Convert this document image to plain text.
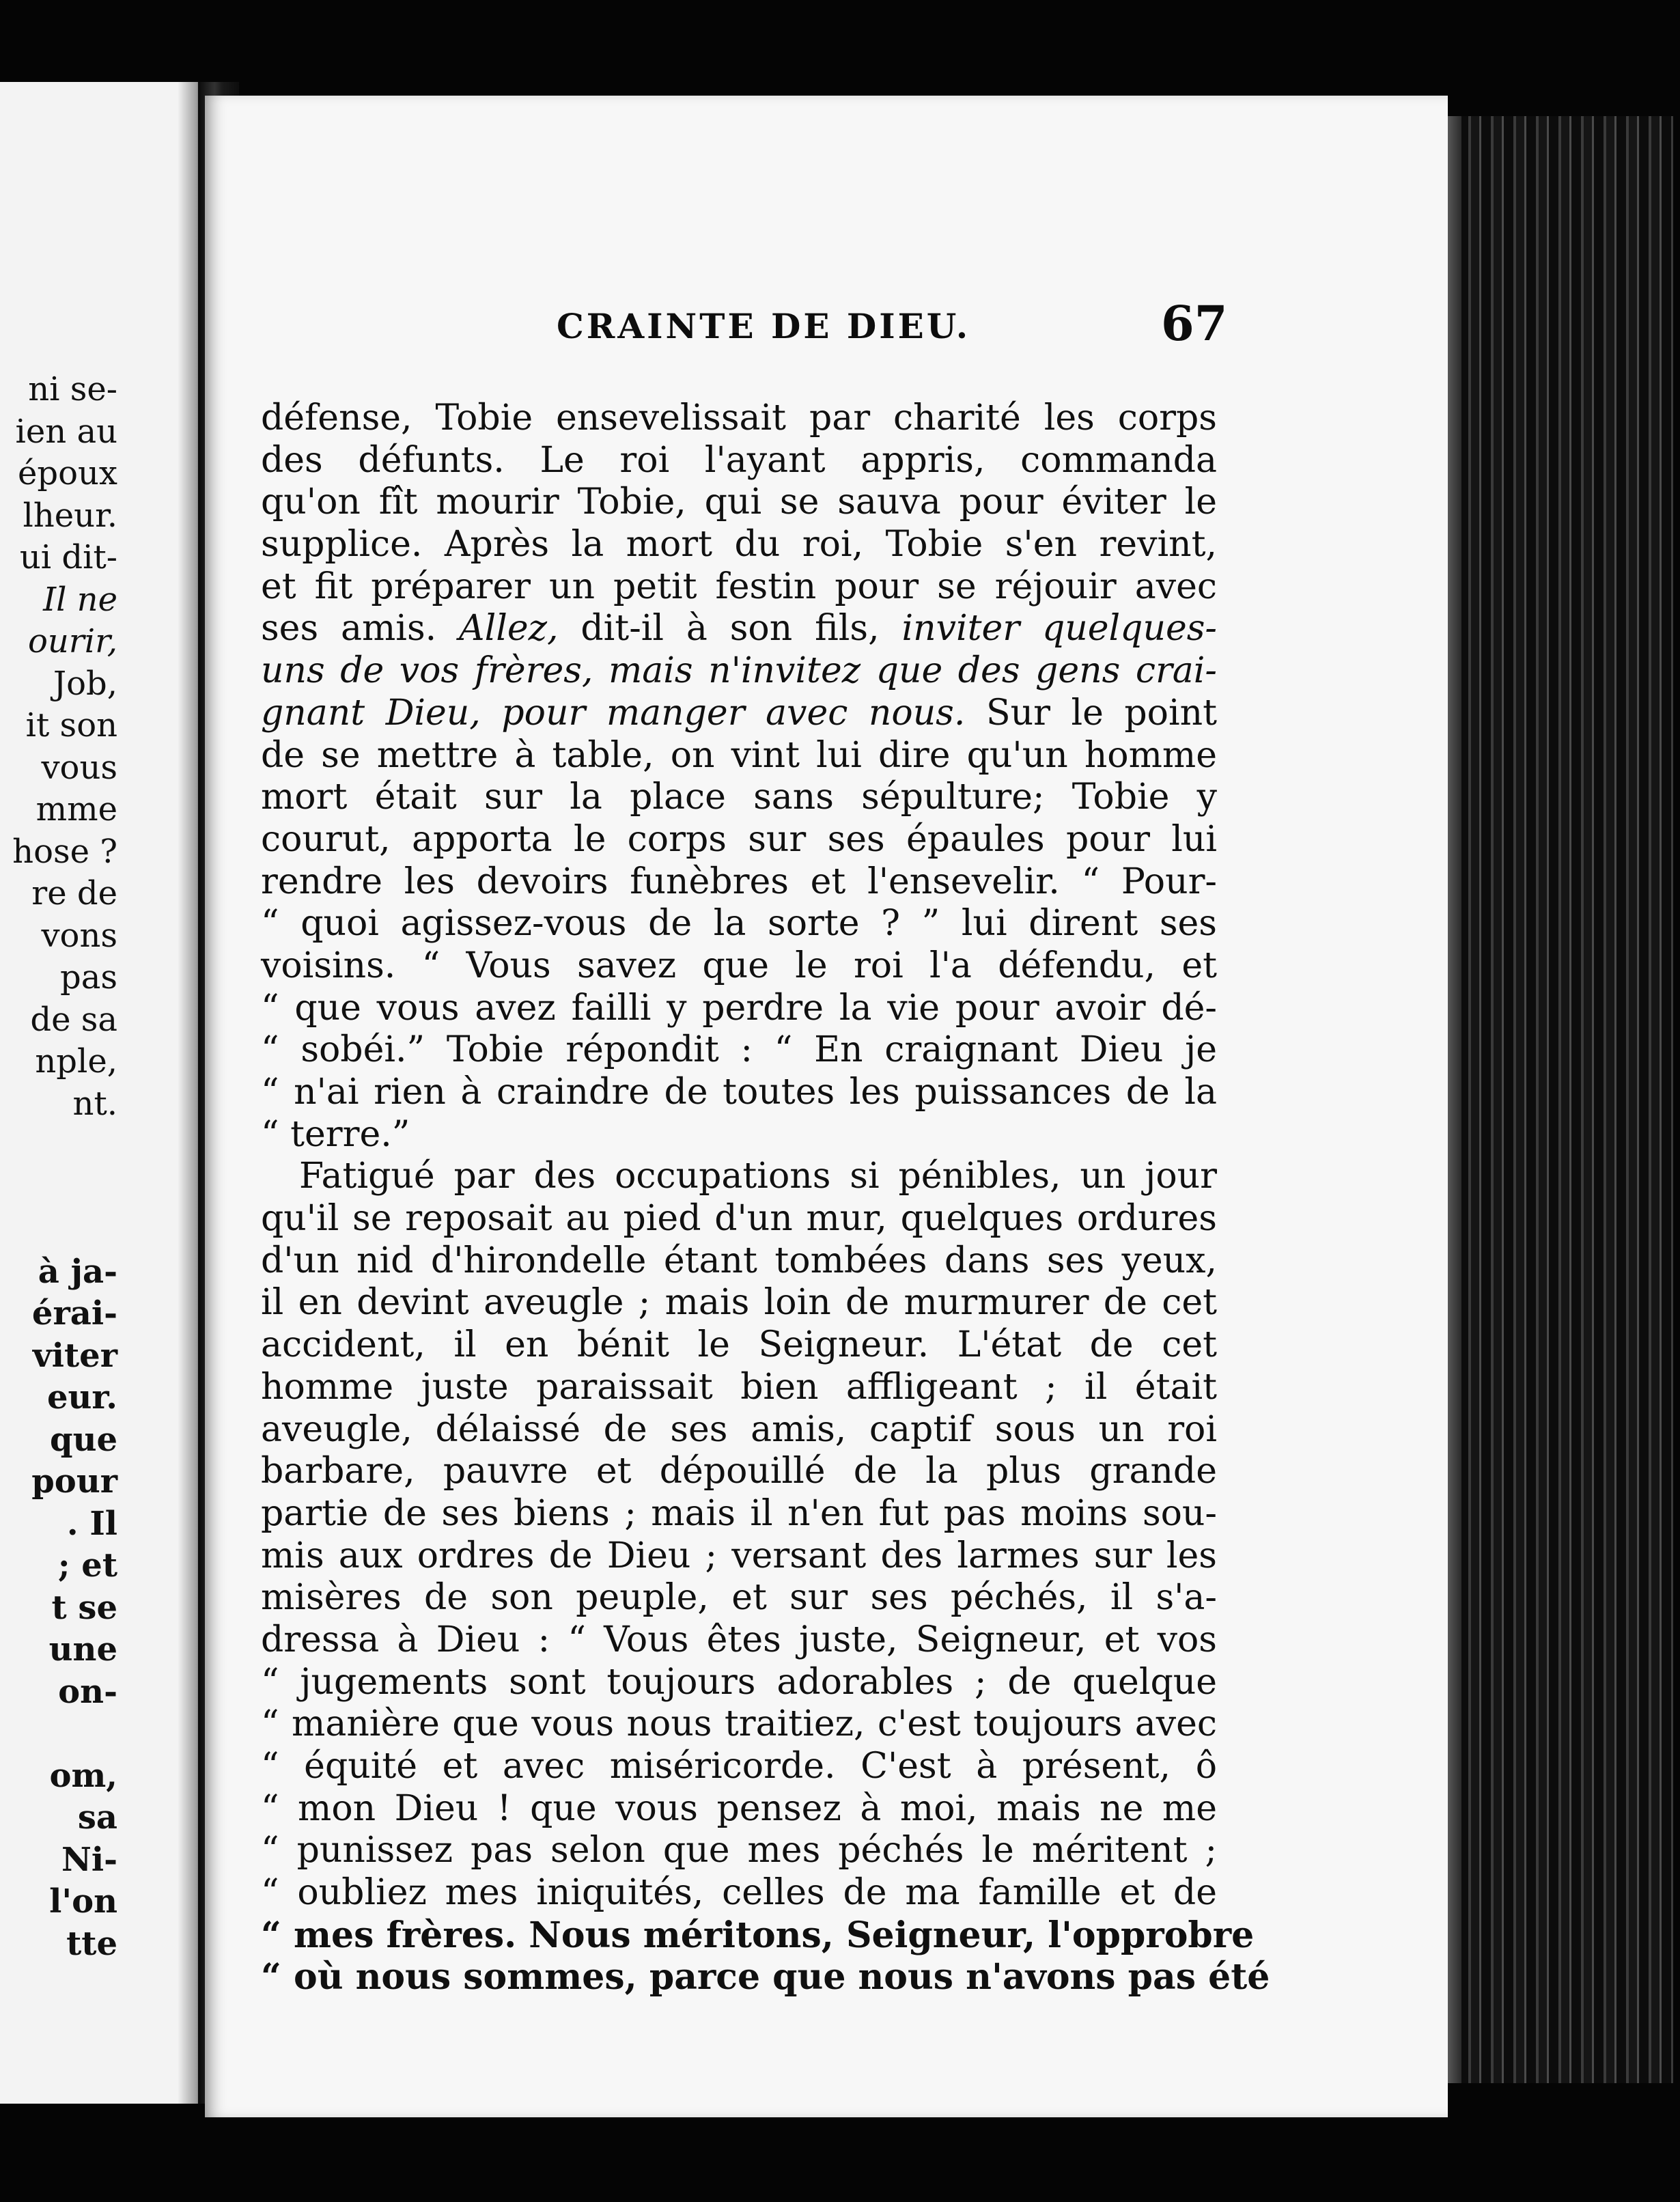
ni se-
ien au
époux
lheur.
ui dit-
Il ne
ourir,
Job,
it son
vous
mme
hose ?
re de
vons
pas
de sa
nple,
nt.
à ja-
érai-
viter
eur.
que
pour
. Il
; et
t se
une
on-
om,
sa
Ni-
l'on
tte
CRAINTE DE DIEU.	67
défense, Tobie ensevelissait par charité les corps
des défunts. Le roi l'ayant appris, commanda
qu'on fît mourir Tobie, qui se sauva pour éviter le
supplice. Après la mort du roi, Tobie s'en revint,
et fit préparer un petit festin pour se réjouir avec
ses amis. Allez, dit-il à son fils, inviter quelques-
uns de vos frères, mais n'invitez que des gens crai-
gnant Dieu, pour manger avec nous. Sur le point
de se mettre à table, on vint lui dire qu'un homme
mort était sur la place sans sépulture; Tobie y
courut, apporta le corps sur ses épaules pour lui
rendre les devoirs funèbres et l'ensevelir. “ Pour-
“ quoi agissez-vous de la sorte ? ” lui dirent ses
voisins. “ Vous savez que le roi l'a défendu, et
“ que vous avez failli y perdre la vie pour avoir dé-
“ sobéi.” Tobie répondit : “ En craignant Dieu je
“ n'ai rien à craindre de toutes les puissances de la
“ terre.”
Fatigué par des occupations si pénibles, un jour
qu'il se reposait au pied d'un mur, quelques ordures
d'un nid d'hirondelle étant tombées dans ses yeux,
il en devint aveugle ; mais loin de murmurer de cet
accident, il en bénit le Seigneur. L'état de cet
homme juste paraissait bien affligeant ; il était
aveugle, délaissé de ses amis, captif sous un roi
barbare, pauvre et dépouillé de la plus grande
partie de ses biens ; mais il n'en fut pas moins sou-
mis aux ordres de Dieu ; versant des larmes sur les
misères de son peuple, et sur ses péchés, il s'a-
dressa à Dieu : “ Vous êtes juste, Seigneur, et vos
“ jugements sont toujours adorables ; de quelque
“ manière que vous nous traitiez, c'est toujours avec
“ équité et avec miséricorde. C'est à présent, ô
“ mon Dieu ! que vous pensez à moi, mais ne me
“ punissez pas selon que mes péchés le méritent ;
“ oubliez mes iniquités, celles de ma famille et de
“ mes frères. Nous méritons, Seigneur, l'opprobre
“ où nous sommes, parce que nous n'avons pas été
